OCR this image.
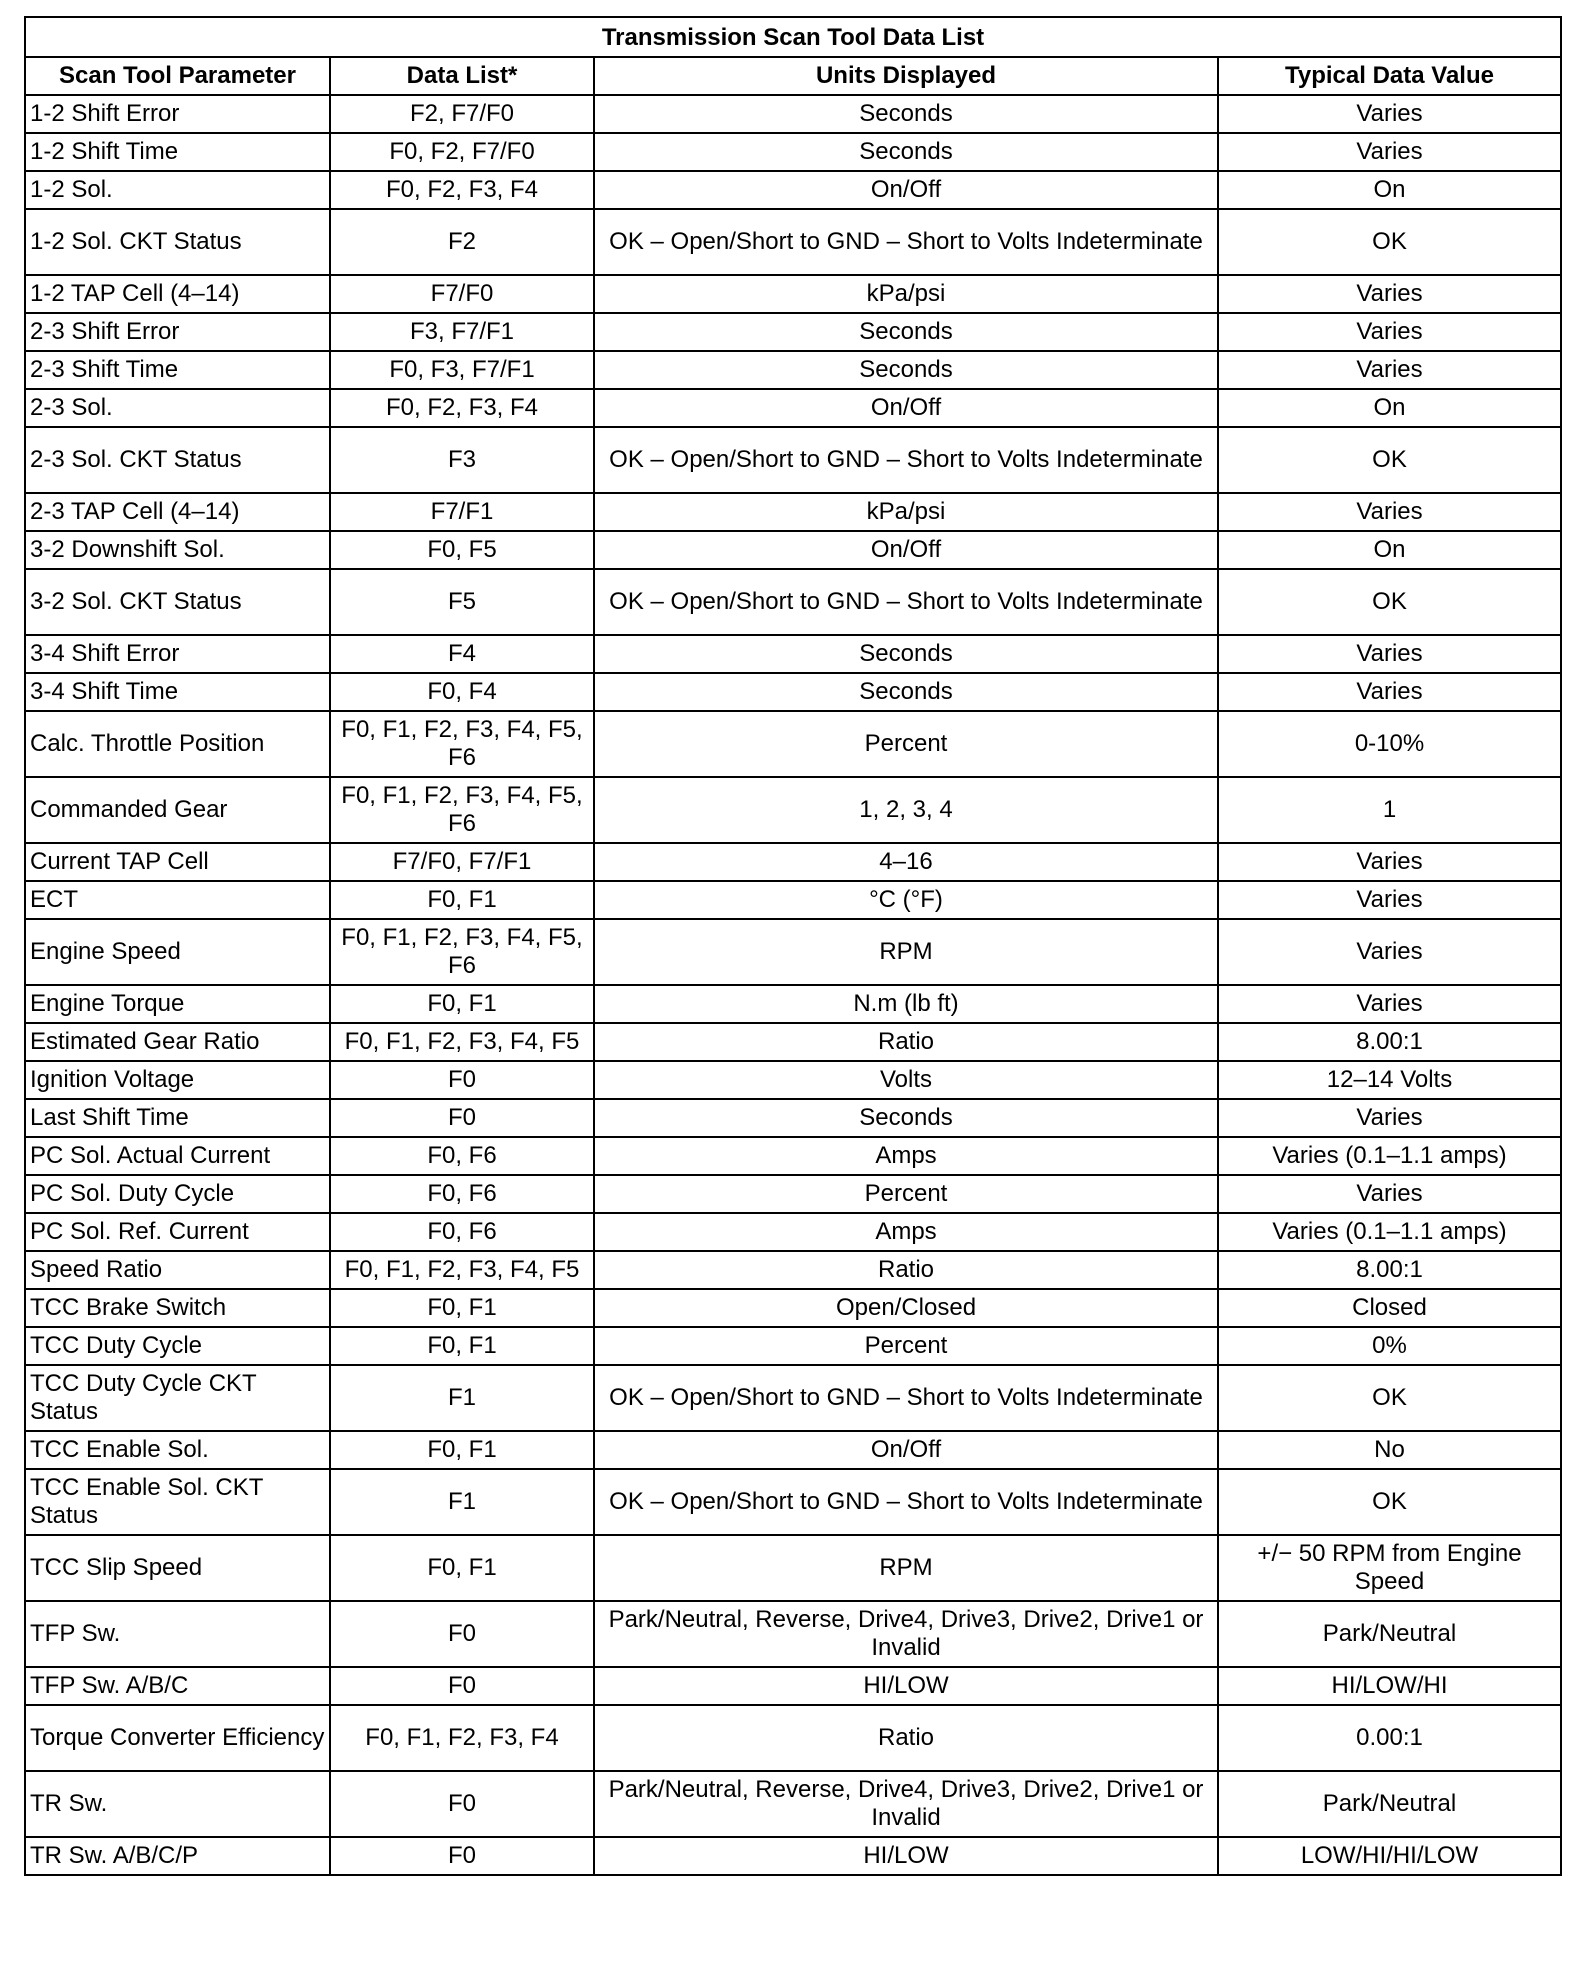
Transmission Scan Tool Data List			
Scan Tool Parameter	Data List*	Units Displayed	Typical Data Value
1-2 Shift Error	F2, F7/F0	Seconds	Varies
1-2 Shift Time	F0, F2, F7/F0	Seconds	Varies
1-2 Sol.	F0, F2, F3, F4	On/Off	On
1-2 Sol. CKT Status	F2	OK – Open/Short to GND – Short to Volts Indeterminate	OK
1-2 TAP Cell (4–14)	F7/F0	kPa/psi	Varies
2-3 Shift Error	F3, F7/F1	Seconds	Varies
2-3 Shift Time	F0, F3, F7/F1	Seconds	Varies
2-3 Sol.	F0, F2, F3, F4	On/Off	On
2-3 Sol. CKT Status	F3	OK – Open/Short to GND – Short to Volts Indeterminate	OK
2-3 TAP Cell (4–14)	F7/F1	kPa/psi	Varies
3-2 Downshift Sol.	F0, F5	On/Off	On
3-2 Sol. CKT Status	F5	OK – Open/Short to GND – Short to Volts Indeterminate	OK
3-4 Shift Error	F4	Seconds	Varies
3-4 Shift Time	F0, F4	Seconds	Varies
Calc. Throttle Position	F0, F1, F2, F3, F4, F5, F6	Percent	0-10%
Commanded Gear	F0, F1, F2, F3, F4, F5, F6	1, 2, 3, 4	1
Current TAP Cell	F7/F0, F7/F1	4–16	Varies
ECT	F0, F1	°C (°F)	Varies
Engine Speed	F0, F1, F2, F3, F4, F5, F6	RPM	Varies
Engine Torque	F0, F1	N.m (lb ft)	Varies
Estimated Gear Ratio	F0, F1, F2, F3, F4, F5	Ratio	8.00:1
Ignition Voltage	F0	Volts	12–14 Volts
Last Shift Time	F0	Seconds	Varies
PC Sol. Actual Current	F0, F6	Amps	Varies (0.1–1.1 amps)
PC Sol. Duty Cycle	F0, F6	Percent	Varies
PC Sol. Ref. Current	F0, F6	Amps	Varies (0.1–1.1 amps)
Speed Ratio	F0, F1, F2, F3, F4, F5	Ratio	8.00:1
TCC Brake Switch	F0, F1	Open/Closed	Closed
TCC Duty Cycle	F0, F1	Percent	0%
TCC Duty Cycle CKT Status	F1	OK – Open/Short to GND – Short to Volts Indeterminate	OK
TCC Enable Sol.	F0, F1	On/Off	No
TCC Enable Sol. CKT Status	F1	OK – Open/Short to GND – Short to Volts Indeterminate	OK
TCC Slip Speed	F0, F1	RPM	+/− 50 RPM from Engine Speed
TFP Sw.	F0	Park/Neutral, Reverse, Drive4, Drive3, Drive2, Drive1 or Invalid	Park/Neutral
TFP Sw. A/B/C	F0	HI/LOW	HI/LOW/HI
Torque Converter Efficiency	F0, F1, F2, F3, F4	Ratio	0.00:1
TR Sw.	F0	Park/Neutral, Reverse, Drive4, Drive3, Drive2, Drive1 or Invalid	Park/Neutral
TR Sw. A/B/C/P	F0	HI/LOW	LOW/HI/HI/LOW
